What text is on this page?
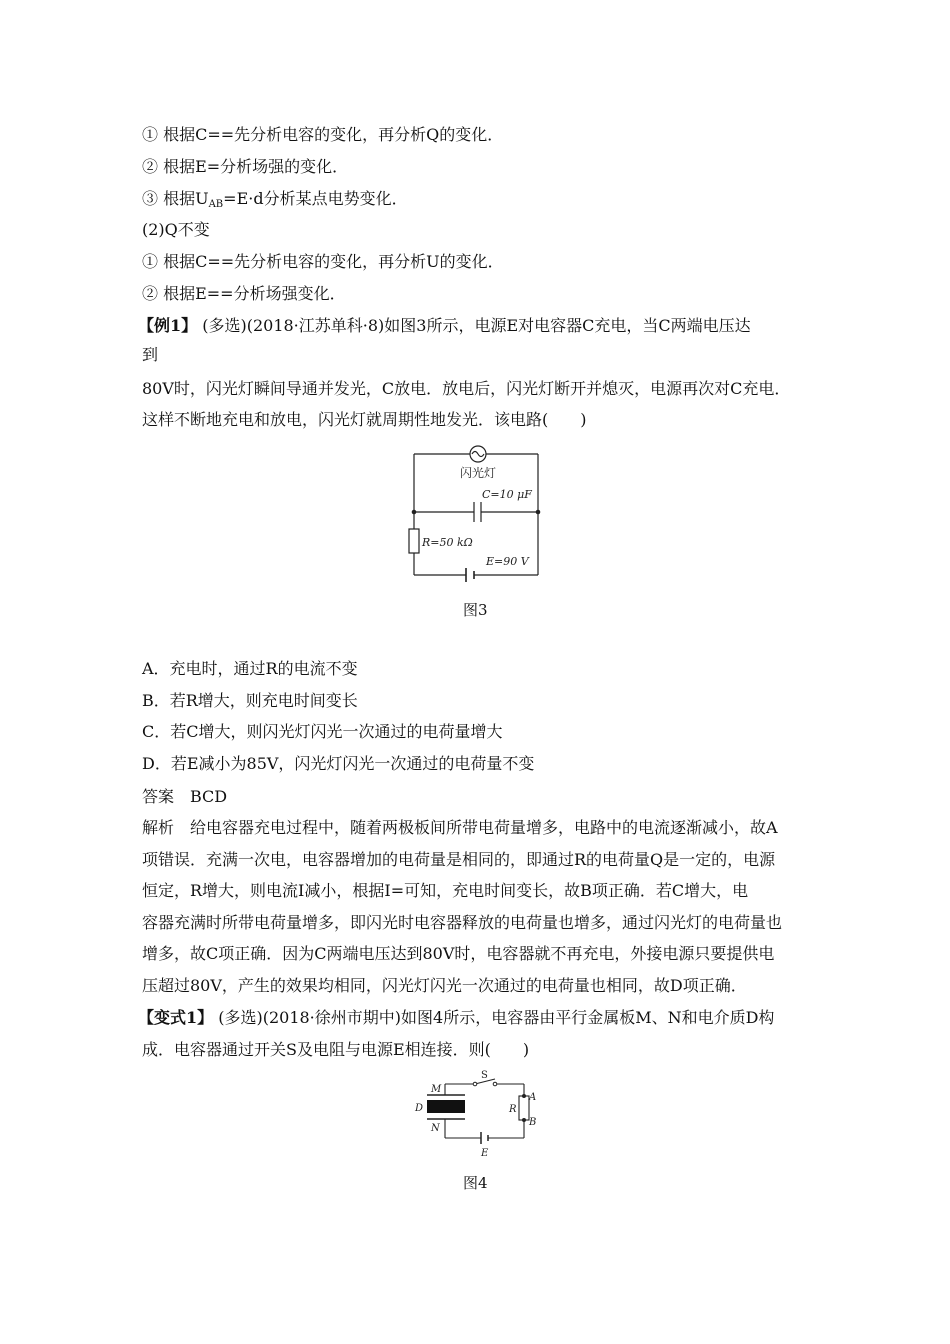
① 根据C==先分析电容的变化，再分析Q的变化．
② 根据E=分析场强的变化．
③ 根据$U_{AB}=E\cdot d$分析某点电势变化．
(2)Q不变
① 根据C==先分析电容的变化，再分析U的变化．
② 根据E==分析场强变化．
【例1】 (多选)(2018·江苏单科·8)如图3所示，电源E对电容器C充电，当C两端电压达
到
80V时，闪光灯瞬间导通并发光，C放电．放电后，闪光灯断开并熄灭，电源再次对C充电．
这样不断地充电和放电，闪光灯就周期性地发光．该电路(　　)
闪光灯
C=10 μF
R=50 kΩ
E=90 V
图3
A．充电时，通过R的电流不变
B．若R增大，则充电时间变长
C．若C增大，则闪光灯闪光一次通过的电荷量增大
D．若E减小为85V，闪光灯闪光一次通过的电荷量不变
答案　BCD
解析　给电容器充电过程中，随着两极板间所带电荷量增多，电路中的电流逐渐减小，故A
项错误．充满一次电，电容器增加的电荷量是相同的，即通过R的电荷量Q是一定的，电源
恒定，R增大，则电流I减小，根据I=可知，充电时间变长，故B项正确．若C增大，电
容器充满时所带电荷量增多，即闪光时电容器释放的电荷量也增多，通过闪光灯的电荷量也
增多，故C项正确．因为C两端电压达到80V时，电容器就不再充电，外接电源只要提供电
压超过80V，产生的效果均相同，闪光灯闪光一次通过的电荷量也相同，故D项正确．
【变式1】 (多选)(2018·徐州市期中)如图4所示，电容器由平行金属板M、N和电介质D构
成．电容器通过开关S及电阻与电源E相连接．则(　　)
S
A
R
B
M
D
N
E
图4
